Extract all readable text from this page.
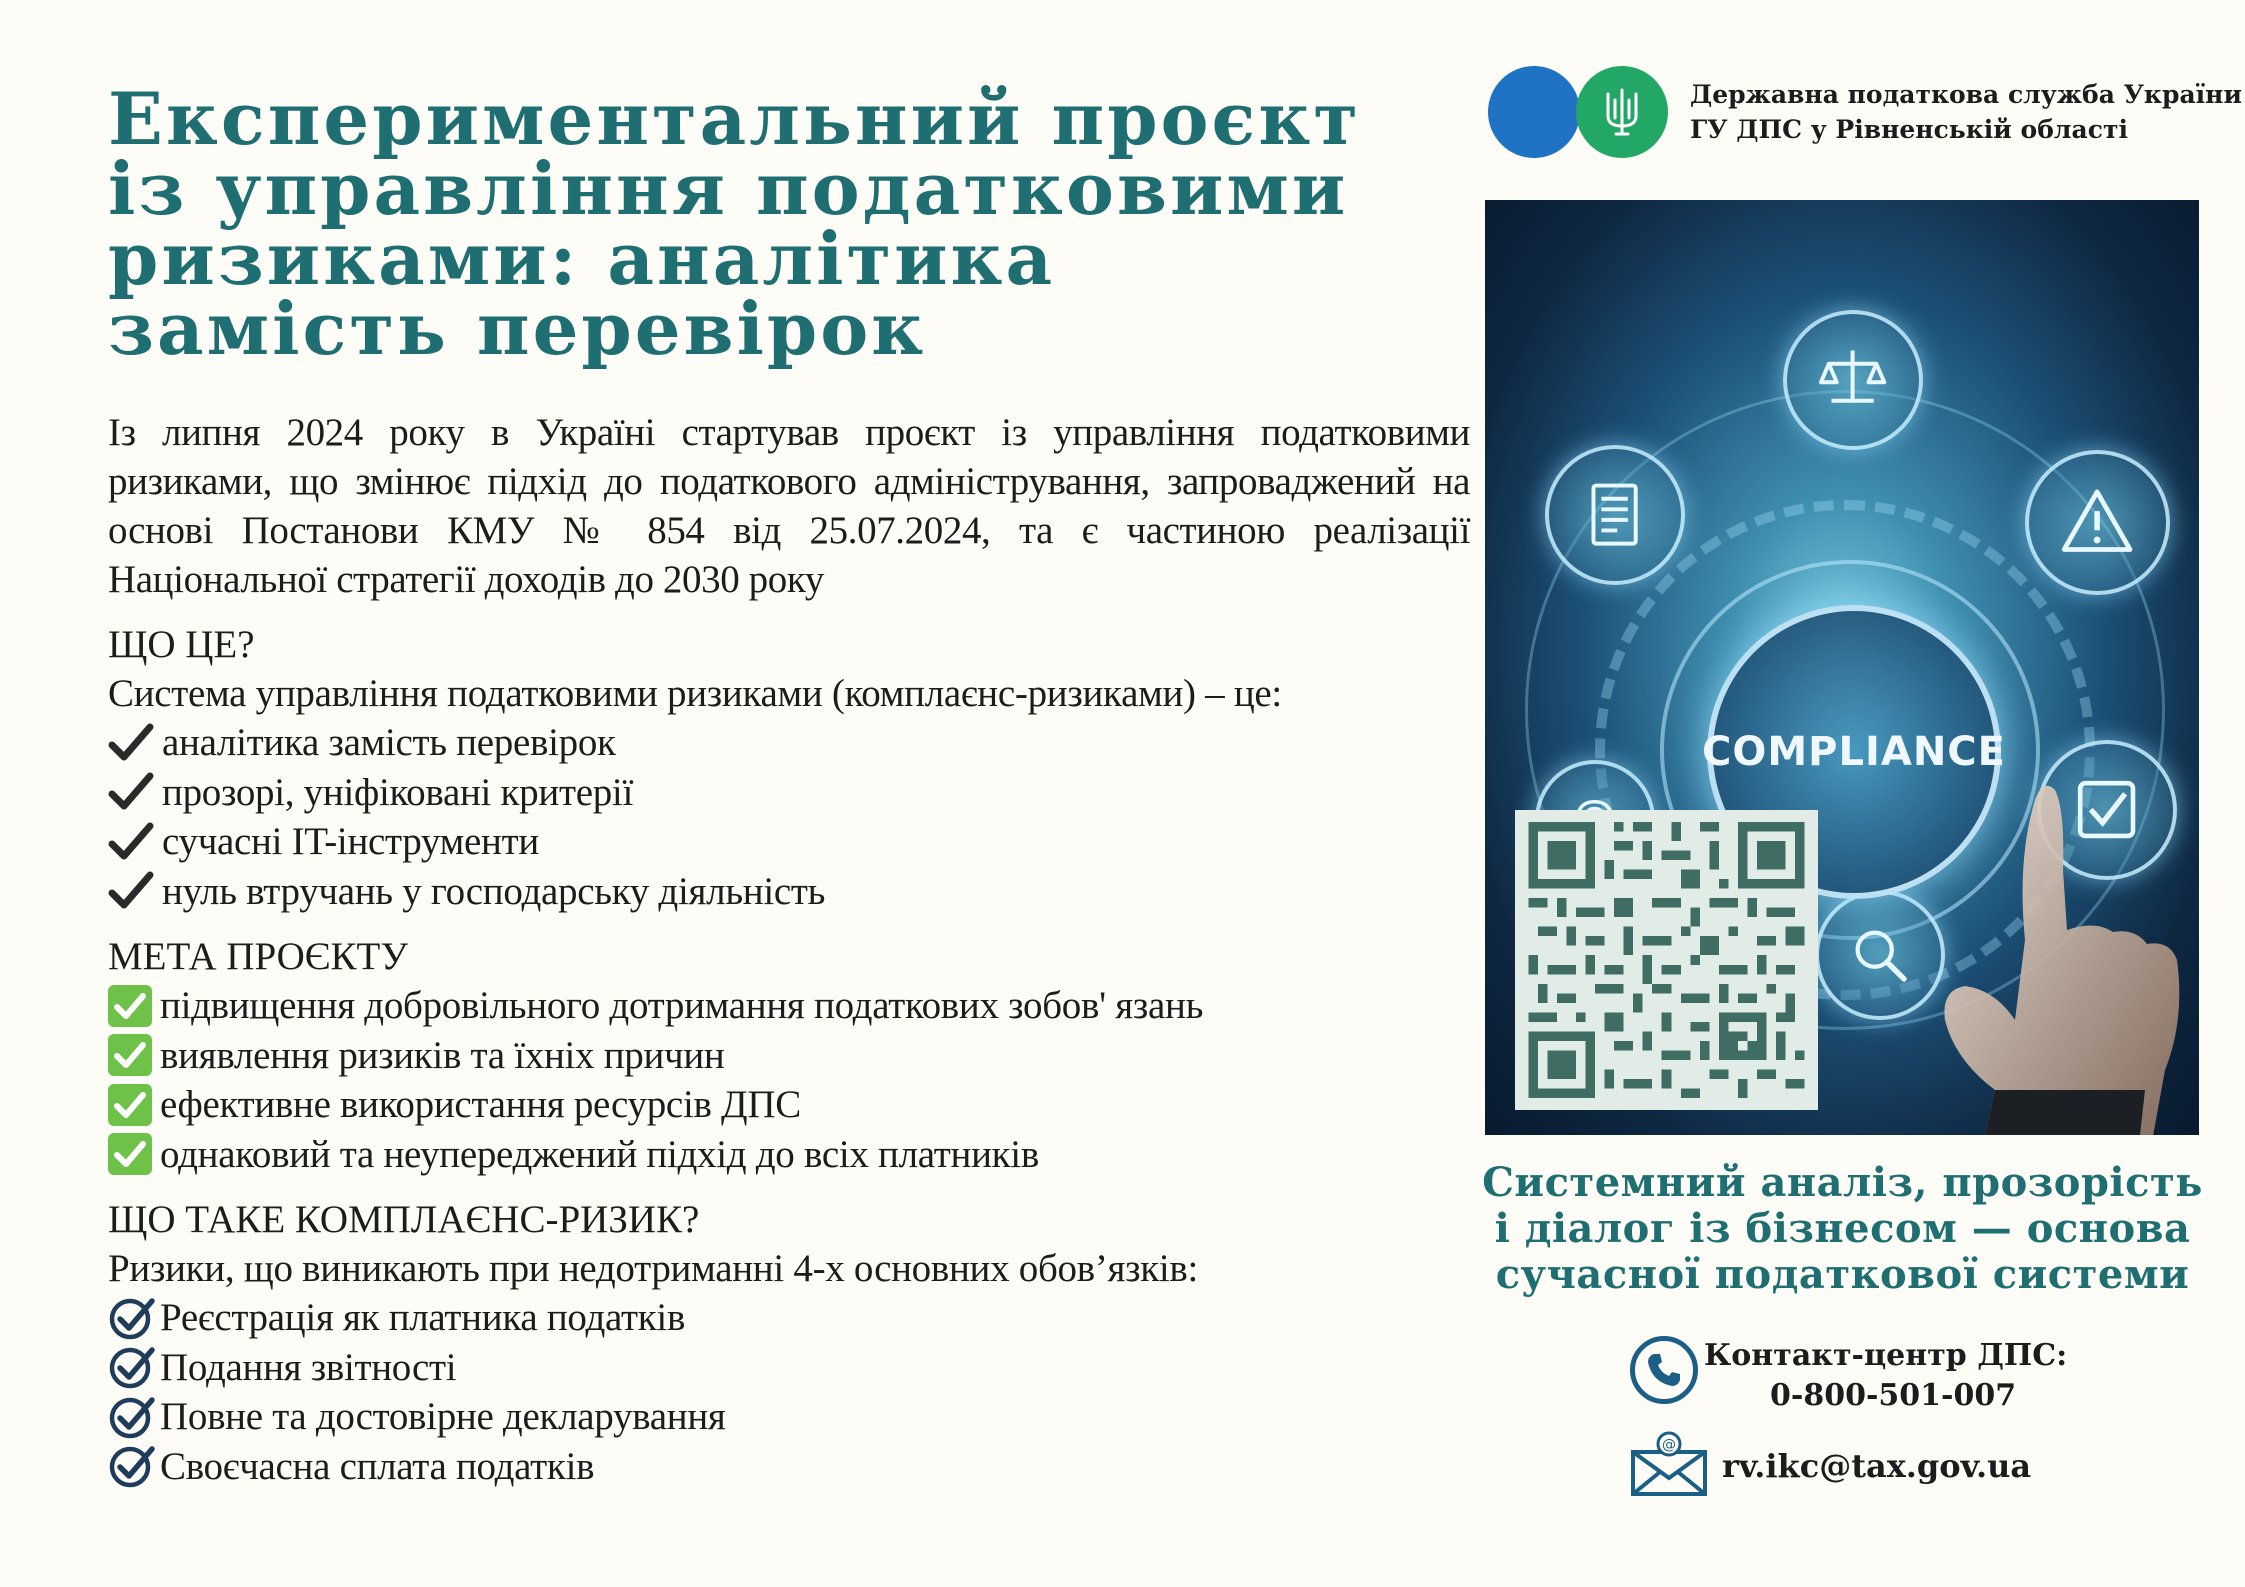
Експериментальний проєкт
із управління податковими
ризиками: аналітика
замість перевірок

Із липня 2024 року в Україні стартував проєкт із управління податковими ризиками, що змінює підхід до податкового адміністрування, запроваджений на основі Постанови КМУ № 854 від 25.07.2024, та є частиною реалізації Національної стратегії доходів до 2030 року

ЩО ЦЕ?
Система управління податковими ризиками (комплаєнс-ризиками) – це:
аналітика замість перевірок
прозорі, уніфіковані критерії
сучасні IT-інструменти
нуль втручань у господарську діяльність
МЕТА ПРОЄКТУ
підвищення добровільного дотримання податкових зобов' язань
виявлення ризиків та їхніх причин
ефективне використання ресурсів ДПС
однаковий та неупереджений підхід до всіх платників
ЩО ТАКЕ КОМПЛАЄНС-РИЗИК?
Ризики, що виникають при недотриманні 4-х основних обов’язків:
Реєстрація як платника податків
Подання звітності
Повне та достовірне декларування
Своєчасна сплата податків
Державна податкова служба України
ГУ ДПС у Рівненській області
COMPLIANCE
Системний аналіз, прозорість
і діалог із бізнесом — основа
сучасної податкової системи
Контакт-центр ДПС:
0-800-501-007
@
rv.ikc@tax.gov.ua
